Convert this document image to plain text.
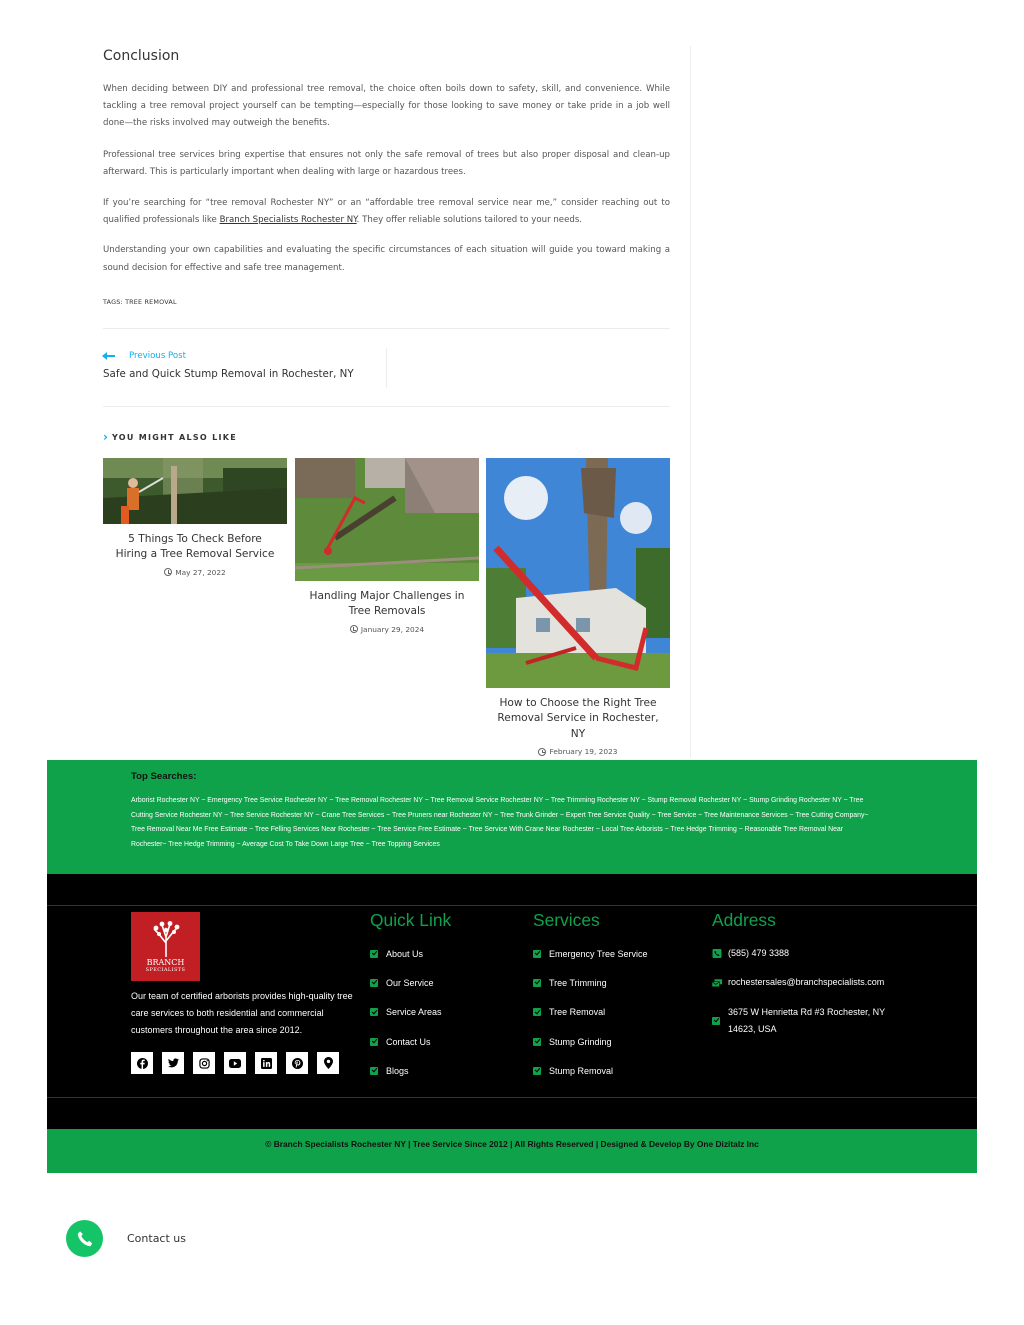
Conclusion

When deciding between DIY and professional tree removal, the choice often boils down to safety, skill, and convenience. While tackling a tree removal project yourself can be tempting—especially for those looking to save money or take pride in a job well done—the risks involved may outweigh the benefits.

Professional tree services bring expertise that ensures not only the safe removal of trees but also proper disposal and clean-up afterward. This is particularly important when dealing with large or hazardous trees.

If you’re searching for “tree removal Rochester NY” or an “affordable tree removal service near me,” consider reaching out to qualified professionals like Branch Specialists Rochester NY. They offer reliable solutions tailored to your needs.

Understanding your own capabilities and evaluating the specific circumstances of each situation will guide you toward making a sound decision for effective and safe tree management.

TAGS: TREE REMOVAL
Previous Post
Safe and Quick Stump Removal in Rochester, NY
› YOU MIGHT ALSO LIKE
5 Things To Check Before Hiring a Tree Removal Service
May 27, 2022
Handling Major Challenges in Tree Removals
January 29, 2024
How to Choose the Right Tree Removal Service in Rochester, NY
February 19, 2023
Top Searches:

Arborist Rochester NY ~ Emergency Tree Service Rochester NY ~ Tree Removal Rochester NY ~ Tree Removal Service Rochester NY ~ Tree Trimming Rochester NY ~ Stump Removal Rochester NY ~ Stump Grinding Rochester NY ~ Tree Cutting Service Rochester NY ~ Tree Service Rochester NY ~ Crane Tree Services ~ Tree Pruners near Rochester NY ~ Tree Trunk Grinder ~ Expert Tree Service Quality ~ Tree Service ~ Tree Maintenance Services ~ Tree Cutting Company~ Tree Removal Near Me Free Estimate ~ Tree Felling Services Near Rochester ~ Tree Service Free Estimate ~ Tree Service With Crane Near Rochester ~ Local Tree Arborists ~ Tree Hedge Trimming ~ Reasonable Tree Removal Near Rochester~ Tree Hedge Trimming ~ Average Cost To Take Down Large Tree ~ Tree Topping Services

BRANCH
SPECIALISTS

Our team of certified arborists provides high-quality tree care services to both residential and commercial customers throughout the area since 2012.

Quick Link
About Us
Our Service
Service Areas
Contact Us
Blogs
Services
Emergency Tree Service
Tree Trimming
Tree Removal
Stump Grinding
Stump Removal
Address
(585) 479 3388
rochestersales@branchspecialists.com
3675 W Henrietta Rd #3 Rochester, NY 14623, USA
© Branch Specialists Rochester NY | Tree Service Since 2012 | All Rights Reserved | Designed & Develop By One Dizitalz Inc
Contact us
